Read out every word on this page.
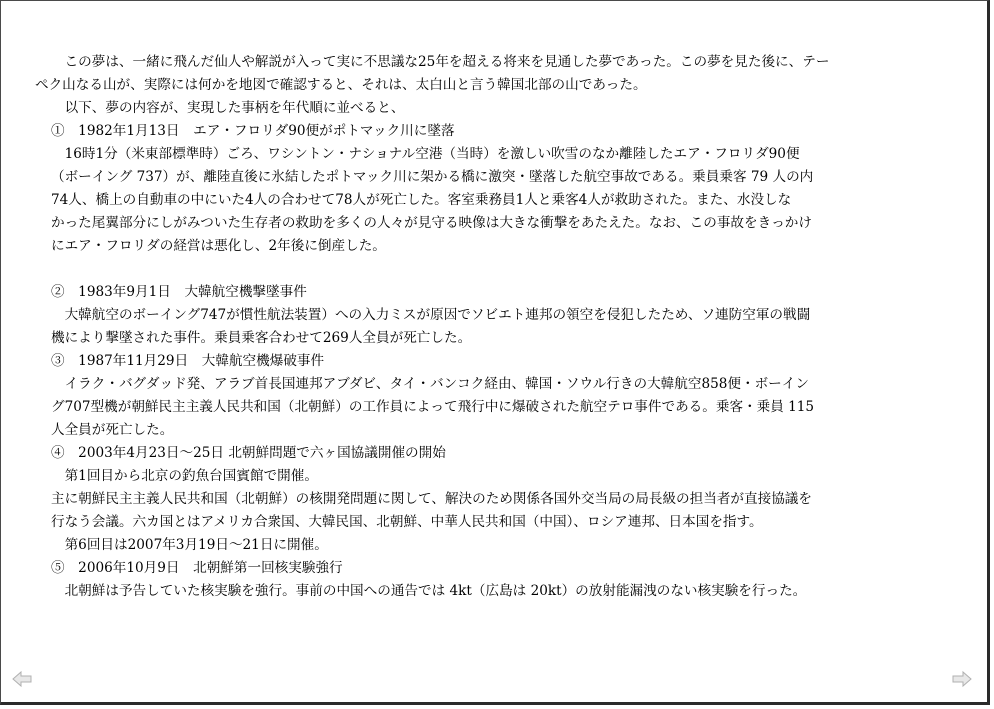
　この夢は、一緒に飛んだ仙人や解説が入って実に不思議な25年を超える将来を見通した夢であった。この夢を見た後に、テー
ペク山なる山が、実際には何かを地図で確認すると、それは、太白山と言う韓国北部の山であった。
　以下、夢の内容が、実現した事柄を年代順に並べると、
①　1982年1月13日　エア・フロリダ90便がポトマック川に墜落
　16時1分（米東部標準時）ごろ、ワシントン・ナショナル空港（当時）を激しい吹雪のなか離陸したエア・フロリダ90便
（ボーイング 737）が、離陸直後に氷結したポトマック川に架かる橋に激突・墜落した航空事故である。乗員乗客 79 人の内
74人、橋上の自動車の中にいた4人の合わせて78人が死亡した。客室乗務員1人と乗客4人が救助された。また、水没しな
かった尾翼部分にしがみついた生存者の救助を多くの人々が見守る映像は大きな衝撃をあたえた。なお、この事故をきっかけ
にエア・フロリダの経営は悪化し、2年後に倒産した。
②　1983年9月1日　大韓航空機撃墜事件
　大韓航空のボーイング747が慣性航法装置）への入力ミスが原因でソビエト連邦の領空を侵犯したため、ソ連防空軍の戦闘
機により撃墜された事件。乗員乗客合わせて269人全員が死亡した。
③　1987年11月29日　大韓航空機爆破事件
　イラク・バグダッド発、アラブ首長国連邦アブダビ、タイ・バンコク経由、韓国・ソウル行きの大韓航空858便・ボーイン
グ707型機が朝鮮民主主義人民共和国（北朝鮮）の工作員によって飛行中に爆破された航空テロ事件である。乗客・乗員 115
人全員が死亡した。
④　2003年4月23日～25日 北朝鮮問題で六ヶ国協議開催の開始
　第1回目から北京の釣魚台国賓館で開催。
主に朝鮮民主主義人民共和国（北朝鮮）の核開発問題に関して、解決のため関係各国外交当局の局長級の担当者が直接協議を
行なう会議。六カ国とはアメリカ合衆国、大韓民国、北朝鮮、中華人民共和国（中国）、ロシア連邦、日本国を指す。
　第6回目は2007年3月19日～21日に開催。
⑤　2006年10月9日　北朝鮮第一回核実験強行
　北朝鮮は予告していた核実験を強行。事前の中国への通告では 4kt（広島は 20kt）の放射能漏洩のない核実験を行った。
